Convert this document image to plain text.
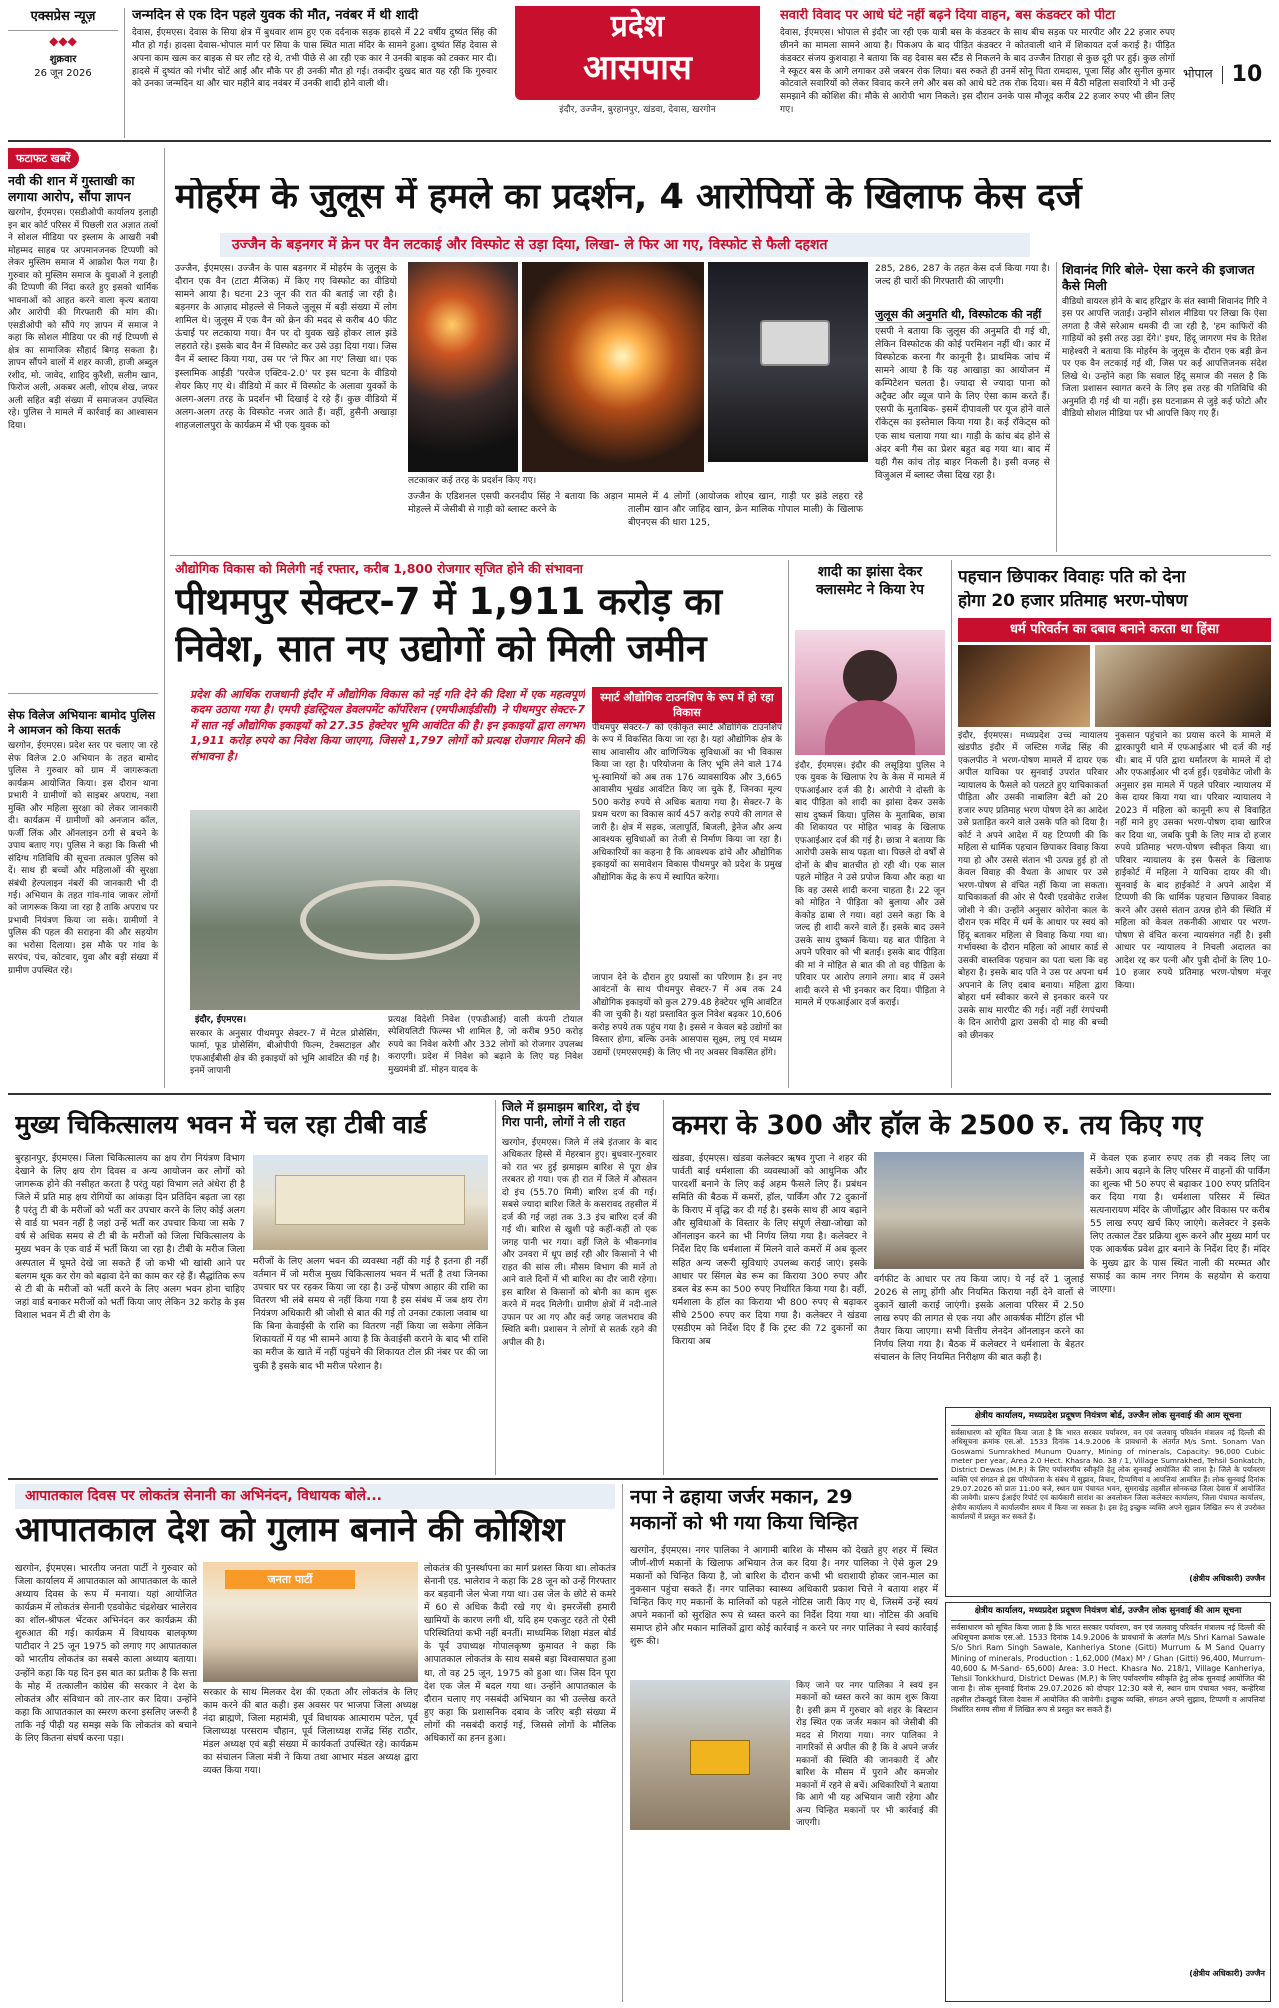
एक्सप्रेस न्यूज़
◆◆◆
शुक्रवार
26 जून 2026
जन्मदिन से एक दिन पहले युवक की मौत, नवंबर में थी शादी
देवास, ईएमएस। देवास के सिया क्षेत्र में बुधवार शाम हुए एक दर्दनाक सड़क हादसे में 22 वर्षीय दुष्यंत सिंह की मौत हो गई। हादसा देवास-भोपाल मार्ग पर सिया के पास स्थित माता मंदिर के सामने हुआ। दुष्यंत सिंह देवास से अपना काम खत्म कर बाइक से घर लौट रहे थे, तभी पीछे से आ रही एक कार ने उनकी बाइक को टक्कर मार दी। हादसे में दुष्यंत को गंभीर चोटें आईं और मौके पर ही उनकी मौत हो गई। तकदीर दुखद बात यह रही कि गुरुवार को उनका जन्मदिन था और चार महीने बाद नवंबर में उनकी शादी होने वाली थी।
प्रदेश
आसपास
इंदौर, उज्जैन, बुरहानपुर, खंडवा, देवास, खरगोन
सवारी विवाद पर आधे घंटे नहीं बढ़ने दिया वाहन, बस कंडक्टर को पीटा
देवास, ईएमएस। भोपाल से इंदौर जा रही एक यात्री बस के कंडक्टर के साथ बीच सड़क पर मारपीट और 22 हजार रुपए छीनने का मामला सामने आया है। पिकअप के बाद पीड़ित कंडक्टर ने कोतवाली थाने में शिकायत दर्ज कराई है। पीड़ित कंडक्टर संजय कुशवाहा ने बताया कि वह देवास बस स्टैंड से निकलने के बाद उज्जैन तिराहा से कुछ दूरी पर हुई। कुछ लोगों ने स्कूटर बस के आगे लगाकर उसे जबरन रोक लिया। बस रुकते ही उनमें सोनू पिता रामदास, पूजा सिंह और सुनील कुमार कोटवाले सवारियों को लेकर विवाद करने लगे और बस को आधे घंटे तक रोक दिया। बस में बैठी महिला सवारियों ने भी उन्हें समझाने की कोशिश की। मौके से आरोपी भाग निकले। इस दौरान उनके पास मौजूद करीब 22 हजार रुपए भी छीन लिए गए।
भोपाल 10
फटाफट खबरें
नवी की शान में गुस्ताखी का लगाया आरोप, सौंपा ज्ञापन
खरगोन, ईएमएस। एसडीओपी कार्यालय इलाही इन बार कोर्ट परिसर में पिछली रात अज्ञात तत्वों ने सोशल मीडिया पर इस्लाम के आखरी नबी मोहम्मद साहब पर अपमानजनक टिप्पणी को लेकर मुस्लिम समाज में आक्रोश फैल गया है। गुरुवार को मुस्लिम समाज के युवाओं ने इलाही की टिप्पणी की निंदा करते हुए इसको धार्मिक भावनाओं को आहत करने वाला कृत्य बताया और आरोपी की गिरफ्तारी की मांग की। एसडीओपी को सौंपे गए ज्ञापन में समाज ने कहा कि सोशल मीडिया पर की गई टिप्पणी से क्षेत्र का सामाजिक सौहार्द बिगड़ सकता है। ज्ञापन सौंपने वालों में शहर काजी, हाजी अब्दुल रशीद, मो. जावेद, शाहिद कुरैशी, सलीम खान, फिरोज अली, अकबर अली, शोएब शेख, जफर अली सहित बड़ी संख्या में समाजजन उपस्थित रहे। पुलिस ने मामले में कार्रवाई का आश्वासन दिया।
सेफ विलेज अभियानः बामोद पुलिस ने आमजन को किया सतर्क
खरगोन, ईएमएस। प्रदेश स्तर पर चलाए जा रहे सेफ विलेज 2.0 अभियान के तहत बामोद पुलिस ने गुरुवार को ग्राम में जागरूकता कार्यक्रम आयोजित किया। इस दौरान थाना प्रभारी ने ग्रामीणों को साइबर अपराध, नशा मुक्ति और महिला सुरक्षा को लेकर जानकारी दी। कार्यक्रम में ग्रामीणों को अनजान कॉल, फर्जी लिंक और ऑनलाइन ठगी से बचने के उपाय बताए गए। पुलिस ने कहा कि किसी भी संदिग्ध गतिविधि की सूचना तत्काल पुलिस को दें। साथ ही बच्चों और महिलाओं की सुरक्षा संबंधी हेल्पलाइन नंबरों की जानकारी भी दी गई। अभियान के तहत गांव-गांव जाकर लोगों को जागरूक किया जा रहा है ताकि अपराध पर प्रभावी नियंत्रण किया जा सके। ग्रामीणों ने पुलिस की पहल की सराहना की और सहयोग का भरोसा दिलाया। इस मौके पर गांव के सरपंच, पंच, कोटवार, युवा और बड़ी संख्या में ग्रामीण उपस्थित रहे।
मोहर्रम के जुलूस में हमले का प्रदर्शन, 4 आरोपियों के खिलाफ केस दर्ज
उज्जैन के बड़नगर में क्रेन पर वैन लटकाई और विस्फोट से उड़ा दिया, लिखा- ले फिर आ गए, विस्फोट से फैली दहशत
उज्जैन, ईएमएस। उज्जैन के पास बड़नगर में मोहर्रम के जुलूस के दौरान एक वैन (टाटा मैजिक) में किए गए विस्फोट का वीडियो सामने आया है। घटना 23 जून की रात की बताई जा रही है। बड़नगर के आज़ाद मोहल्ले से निकले जुलूस में बड़ी संख्या में लोग शामिल थे। जुलूस में एक वैन को क्रेन की मदद से करीब 40 फीट ऊंचाई पर लटकाया गया। वैन पर दो युवक खड़े होकर लाल झंडे लहराते रहे। इसके बाद वैन में विस्फोट कर उसे उड़ा दिया गया। जिस वैन में ब्लास्ट किया गया, उस पर 'ले फिर आ गए' लिखा था। एक इस्लामिक आईडी 'परवेज एक्टिव-2.0' पर इस घटना के वीडियो शेयर किए गए थे। वीडियो में कार में विस्फोट के अलावा युवकों के अलग-अलग तरह के प्रदर्शन भी दिखाई दे रहे हैं। कुछ वीडियो में अलग-अलग तरह के विस्फोट नजर आते हैं। वहीं, हुसैनी अखाड़ा शाहजलालपुरा के कार्यक्रम में भी एक युवक को
लटकाकर कई तरह के प्रदर्शन किए गए।
उज्जैन के एडिशनल एसपी करनदीप सिंह ने बताया कि अड़ान मोहल्ले में जेसीबी से गाड़ी को ब्लास्ट करने के
मामले में 4 लोगों (आयोजक शोएब खान, गाड़ी पर झंडे लहरा रहे तालीम खान और जाहिद खान, क्रेन मालिक गोपाल माली) के खिलाफ बीएनएस की धारा 125,
285, 286, 287 के तहत केस दर्ज किया गया है। जल्द ही चारों की गिरफ्तारी की जाएगी।
जुलूस की अनुमति थी, विस्फोटक की नहीं
एसपी ने बताया कि जुलूस की अनुमति दी गई थी, लेकिन विस्फोटक की कोई परमिशन नहीं थी। कार में विस्फोटक करना गैर कानूनी है। प्राथमिक जांच में सामने आया है कि यह आखाड़ा का आयोजन में कम्पिटेशन चलता है। ज्यादा से ज्यादा पाना को अट्रैक्ट और व्यूज पाने के लिए ऐसा काम करते हैं। एसपी के मुताबिक- इसमें दीपावली पर यूज होने वाले रॉकेट्स का इस्तेमाल किया गया है। कई रॉकेट्स को एक साथ चलाया गया था। गाड़ी के कांच बंद होने से अंदर बनी गैस का प्रेशर बहुत बढ़ गया था। बाद में यही गैस कांच तोड़ बाहर निकली है। इसी वजह से विजुअल में ब्लास्ट जैसा दिख रहा है।
शिवानंद गिरि बोले- ऐसा करने की इजाजत कैसे मिली
वीडियो वायरल होने के बाद हरिद्वार के संत स्वामी शिवानंद गिरि ने इस पर आपत्ति जताई। उन्होंने सोशल मीडिया पर लिखा कि ऐसा लगता है जैसे सरेआम धमकी दी जा रही है, 'हम काफिरों की गाड़ियों को इसी तरह उड़ा देंगे।' इधर, हिंदू जागरण मंच के रितेश माहेश्वरी ने बताया कि मोहर्रम के जुलूस के दौरान एक बड़ी क्रेन पर एक वैन लटकाई गई थी, जिस पर कई आपत्तिजनक संदेश लिखे थे। उन्होंने कहा कि सवाल हिंदू समाज की नसल है कि जिला प्रशासन स्वागत करने के लिए इस तरह की गतिविधि की अनुमति दी गई थी या नहीं। इस घटनाक्रम से जुड़े कई फोटो और वीडियो सोशल मीडिया पर भी आपत्ति किए गए हैं।
औद्योगिक विकास को मिलेगी नई रफ्तार, करीब 1,800 रोजगार सृजित होने की संभावना
पीथमपुर सेक्टर-7 में 1,911 करोड़ का
निवेश, सात नए उद्योगों को मिली जमीन
प्रदेश की आर्थिक राजधानी इंदौर में औद्योगिक विकास को नई गति देने की दिशा में एक महत्वपूर्ण कदम उठाया गया है। एमपी इंडस्ट्रियल डेवलपमेंट कॉर्पोरेशन (एमपीआईडीसी) ने पीथमपुर सेक्टर-7 में सात नई औद्योगिक इकाइयों को 27.35 हेक्टेयर भूमि आवंटित की है। इन इकाइयों द्वारा लगभग 1,911 करोड़ रुपये का निवेश किया जाएगा, जिससे 1,797 लोगों को प्रत्यक्ष रोजगार मिलने की संभावना है।
स्मार्ट औद्योगिक टाउनशिप के रूप में हो रहा विकास
पीथमपुर सेक्टर-7 को एकीकृत स्मार्ट औद्योगिक टाउनशिप के रूप में विकसित किया जा रहा है। यहां औद्योगिक क्षेत्र के साथ आवासीय और वाणिज्यिक सुविधाओं का भी विकास किया जा रहा है। परियोजना के लिए भूमि लेने वाले 174 भू-स्वामियों को अब तक 176 व्यावसायिक और 3,665 आवासीय भूखंड आवंटित किए जा चुके हैं, जिनका मूल्य 500 करोड़ रुपये से अधिक बताया गया है। सेक्टर-7 के प्रथम चरण का विकास कार्य 457 करोड़ रुपये की लागत से जारी है। क्षेत्र में सड़क, जलापूर्ति, बिजली, ड्रेनेज और अन्य आवश्यक सुविधाओं का तेजी से निर्माण किया जा रहा है। अधिकारियों का कहना है कि आवश्यक ढांचे और औद्योगिक इकाइयों का समावेशन विकास पीथमपुर को प्रदेश के प्रमुख औद्योगिक केंद्र के रूप में स्थापित करेगा।
जापान देने के दौरान हुए प्रयासों का परिणाम है। इन नए आवंटनों के साथ पीथमपुर सेक्टर-7 में अब तक 24 औद्योगिक इकाइयों को कुल 279.48 हेक्टेयर भूमि आवंटित की जा चुकी है। यहां प्रस्तावित कुल निवेश बढ़कर 10,606 करोड़ रुपये तक पहुंच गया है। इससे न केवल बड़े उद्योगों का विस्तार होगा, बल्कि उनके आसपास सूक्ष्म, लघु एवं मध्यम उद्यमों (एमएसएमई) के लिए भी नए अवसर विकसित होंगे।
इंदौर, ईएमएस।
सरकार के अनुसार पीथमपुर सेक्टर-7 में मेटल प्रोसेसिंग, फार्मा, फूड प्रोसेसिंग, बीओपीपी फिल्म, टेक्सटाइल और एफआईबीसी क्षेत्र की इकाइयों को भूमि आवंटित की गई है। इनमें जापानी
प्रत्यक्ष विदेशी निवेश (एफडीआई) वाली कंपनी टोयाल स्पेशियलिटी फिल्म्स भी शामिल है, जो करीब 950 करोड़ रुपये का निवेश करेगी और 332 लोगों को रोजगार उपलब्ध कराएगी। प्रदेश में निवेश को बढ़ाने के लिए यह निवेश मुख्यमंत्री डॉ. मोहन यादव के
शादी का झांसा देकर क्लासमेट ने किया रेप
इंदौर, ईएमएस। इंदौर की लसूड़िया पुलिस ने एक युवक के खिलाफ रेप के केस में मामले में एफआईआर दर्ज की है। आरोपी ने दोस्ती के बाद पीड़िता को शादी का झांसा देकर उसके साथ दुष्कर्म किया। पुलिस के मुताबिक, छात्रा की शिकायत पर मोहित भावड़ के खिलाफ एफआईआर दर्ज की गई है। छात्रा ने बताया कि आरोपी उसके साथ पढ़ता था। पिछले दो वर्षों से दोनों के बीच बातचीत हो रही थी। एक साल पहले मोहित ने उसे प्रपोज किया और कहा था कि वह उससे शादी करना चाहता है। 22 जून को मोहित ने पीड़िता को बुलाया और उसे केकोड़ ढाबा ले गया। वहां उसने कहा कि वे जल्द ही शादी करने वाले हैं। इसके बाद उसने उसके साथ दुष्कर्म किया। यह बात पीड़िता ने अपने परिवार को भी बताई। इसके बाद पीड़िता की मां ने मोहित से बात की तो वह पीड़िता के परिवार पर आरोप लगाने लगा। बाद में उसने शादी करने से भी इनकार कर दिया। पीड़िता ने मामले में एफआईआर दर्ज कराई।
पहचान छिपाकर विवाहः पति को देना
होगा 20 हजार प्रतिमाह भरण-पोषण
धर्म परिवर्तन का दबाव बनाने करता था हिंसा
इंदौर, ईएमएस। मध्यप्रदेश उच्च न्यायालय खंडपीठ इंदौर में जस्टिस गजेंद्र सिंह की एकलपीठ ने भरण-पोषण मामले में दायर एक अपील याचिका पर सुनवाई उपरांत परिवार न्यायालय के फैसले को पलटते हुए याचिकाकर्ता पीड़िता और उसकी नाबालिग बेटी को 20 हजार रुपए प्रतिमाह भरण पोषण देने का आदेश उसे प्रताड़ित करने वाले उसके पति को दिया है। कोर्ट ने अपने आदेश में यह टिप्पणी की कि महिला से धार्मिक पहचान छिपाकर विवाह किया गया हो और उससे संतान भी उत्पन्न हुई हो तो केवल विवाह की वैधता के आधार पर उसे भरण-पोषण से वंचित नहीं किया जा सकता। याचिकाकर्ता की ओर से पैरवी एडवोकेट राजेश जोशी ने की। उन्होंने अनुसार कोरोना काल के दौरान एक मंदिर में धर्म के आधार पर स्वयं को हिंदू बताकर महिला से विवाह किया गया था। गर्भावस्था के दौरान महिला को आधार कार्ड से उसकी वास्तविक पहचान का पता चला कि वह बोहरा है। इसके बाद पति ने उस पर अपना धर्म अपनाने के लिए दबाव बनाया। महिला द्वारा बोहरा धर्म स्वीकार करने से इनकार करने पर उसके साथ मारपीट की गई। नहीं नहीं रंगपंचमी के दिन आरोपी द्वारा उसकी दो माह की बच्ची को छीनकर
नुकसान पहुंचाने का प्रयास करने के मामले में द्वारकापुरी थाने में एफआईआर भी दर्ज की गई थी। बाद में पति द्वारा धर्मांतरण के मामले में दो और एफआईआर भी दर्ज हुईं। एडवोकेट जोशी के अनुसार इस मामले में पहले परिवार न्यायालय में केस दायर किया गया था। परिवार न्यायालय ने 2023 में महिला को कानूनी रूप से विवाहित नहीं माने हुए उसका भरण-पोषण दावा खारिज कर दिया था, जबकि पुत्री के लिए मात्र दो हजार रुपये प्रतिमाह भरण-पोषण स्वीकृत किया था। परिवार न्यायालय के इस फैसले के खिलाफ हाईकोर्ट में महिला ने याचिका दायर की थी। सुनवाई के बाद हाईकोर्ट ने अपने आदेश में टिप्पणी की कि धार्मिक पहचान छिपाकर विवाह करने और उससे संतान उत्पन्न होने की स्थिति में महिला को केवल तकनीकी आधार पर भरण-पोषण से वंचित करना न्यायसंगत नहीं है। इसी आधार पर न्यायालय ने निचली अदालत का आदेश रद्द कर पत्नी और पुत्री दोनों के लिए 10-10 हजार रुपये प्रतिमाह भरण-पोषण मंजूर किया।
मुख्य चिकित्सालय भवन में चल रहा टीबी वार्ड
बुरहानपुर, ईएमएस। जिला चिकित्सालय का क्षय रोग नियंत्रण विभाग देखाने के लिए क्षय रोग दिवस व अन्य आयोजन कर लोगों को जागरूक होने की नसीहत करता है परंतु यहां विभाग लते अंधेरा ही है जिले में प्रति माह क्षय रोगियों का आंकड़ा दिन प्रतिदिन बढ़ता जा रहा है परंतु टी बी के मरीजों को भर्ती कर उपचार करने के लिए कोई अलग से वार्ड या भवन नहीं है जहां उन्हें भर्ती कर उपचार किया जा सके 7 वर्ष से अधिक समय से टी बी के मरीजों को जिला चिकित्सालय के मुख्य भवन के एक वार्ड में भर्ती किया जा रहा है। टीबी के मरीज जिला अस्पताल में घूमते देखे जा सकते हैं जो कभी भी खांसी आने पर बलगम थूक कर रोग को बढ़ावा देने का काम कर रहे हैं। सैद्धांतिक रूप से टी बी के मरीजों को भर्ती करने के लिए अलग भवन होना चाहिए जहां वार्ड बनाकर मरीजों को भर्ती किया जाए लेकिन 32 करोड़ के इस विशाल भवन में टी बी रोग के
मरीजों के लिए अलग भवन की व्यवस्था नहीं की गई है इतना ही नहीं वर्तमान में जो मरीज मुख्य चिकित्सालय भवन में भर्ती है तथा जिनका उपचार घर पर रहकर किया जा रहा है। उन्हें पोषण आहार की राशि का वितरण भी लंबे समय से नहीं किया गया है इस संबंध में जब क्षय रोग नियंत्रण अधिकारी श्री जोशी से बात की गई तो उनका टकाला जवाब था कि बिना केवाईसी के राशि का वितरण नहीं किया जा सकेगा लेकिन शिकायतों में यह भी सामने आया है कि केवाईसी कराने के बाद भी राशि का मरीज के खाते में नहीं पहुंचने की शिकायत टोल फ्री नंबर पर की जा चुकी है इसके बाद भी मरीज परेशान है।
जिले में झमाझम बारिश, दो इंच गिरा पानी, लोगों ने ली राहत
खरगोन, ईएमएस। जिले में लंबे इंतजार के बाद अधिकतर हिस्से में मेहरबान हुए। बुधवार-गुरुवार को रात भर हुई झमाझम बारिश से पूरा क्षेत्र तरबतर हो गया। एक ही रात में जिले में औसतन दो इंच (55.70 मिमी) बारिश दर्ज की गई। सबसे ज्यादा बारिश जिले के कसरावद तहसील में दर्ज की गई जहां तक 3.3 इंच बारिश दर्ज की गई थी। बारिश से खुशी पड़े कहीं-कहीं तो एक जगह पानी भर गया। वहीं जिले के भीकनगांव और उनवरा में धूप छाई रही और किसानों ने भी राहत की सांस ली। मौसम विभाग की मानें तो आने वाले दिनों में भी बारिश का दौर जारी रहेगा। इस बारिश से किसानों को बोनी का काम शुरू करने में मदद मिलेगी। ग्रामीण क्षेत्रों में नदी-नाले उफान पर आ गए और कई जगह जलभराव की स्थिति बनी। प्रशासन ने लोगों से सतर्क रहने की अपील की है।
कमरा के 300 और हॉल के 2500 रु. तय किए गए
खंडवा, ईएमएस। खंडवा कलेक्टर ऋषव गुप्ता ने शहर की पार्वती बाई धर्मशाला की व्यवस्थाओं को आधुनिक और पारदर्शी बनाने के लिए कई अहम फैसले लिए हैं। प्रबंधन समिति की बैठक में कमरों, हॉल, पार्किंग और 72 दुकानों के किराए में वृद्धि कर दी गई है। इसके साथ ही आय बढ़ाने और सुविधाओं के विस्तार के लिए संपूर्ण लेखा-जोखा को ऑनलाइन करने का भी निर्णय लिया गया है। कलेक्टर ने निर्देश दिए कि धर्मशाला में मिलने वाले कमरों में अब कूलर सहित अन्य जरूरी सुविधाएं उपलब्ध कराई जाएं। इसके आधार पर सिंगल बेड रूम का किराया 300 रुपए और डबल बेड रूम का 500 रुपए निर्धारित किया गया है। वहीं, धर्मशाला के हॉल का किराया भी 800 रुपए से बढ़ाकर सीधे 2500 रुपए कर दिया गया है। कलेक्टर ने खंडवा एसडीएम को निर्देश दिए हैं कि ट्रस्ट की 72 दुकानों का किराया अब
वर्गफीट के आधार पर तय किया जाए। ये नई दरें 1 जुलाई 2026 से लागू होंगी और नियमित किराया नहीं देने वालों से दुकानें खाली कराई जाएंगी। इसके अलावा परिसर में 2.50 लाख रुपए की लागत से एक नया और आकर्षक मीटिंग हॉल भी तैयार किया जाएगा। सभी वित्तीय लेनदेन ऑनलाइन करने का निर्णय लिया गया है। बैठक में कलेक्टर ने धर्मशाला के बेहतर संचालन के लिए नियमित निरीक्षण की बात कही है।
में केवल एक हजार रुपए तक ही नकद लिए जा सकेंगे। आय बढ़ाने के लिए परिसर में वाहनों की पार्किंग का शुल्क भी 50 रुपए से बढ़ाकर 100 रुपए प्रतिदिन कर दिया गया है। धर्मशाला परिसर में स्थित सत्यनारायण मंदिर के जीर्णोद्धार और विकास पर करीब 55 लाख रुपए खर्च किए जाएंगे। कलेक्टर ने इसके लिए तत्काल टेंडर प्रक्रिया शुरू करने और मुख्य मार्ग पर एक आकर्षक प्रवेश द्वार बनाने के निर्देश दिए हैं। मंदिर के मुख्य द्वार के पास स्थित नाली की मरम्मत और सफाई का काम नगर निगम के सहयोग से कराया जाएगा।
क्षेत्रीय कार्यालय, मध्यप्रदेश प्रदूषण नियंत्रण बोर्ड, उज्जैन लोक सुनवाई की आम सूचना
सर्वसाधारण को सूचित किया जाता है कि भारत सरकार पर्यावरण, वन एवं जलवायु परिवर्तन मंत्रालय नई दिल्ली की अधिसूचना क्रमांक एस.ओ. 1533 दिनांक 14.9.2006 के प्रावधानों के अंतर्गत M/s Smt. Sonam Van Goswami Sumrakhed Munum Quarry, Mining of minerals, Capacity: 96,000 Cubic meter per year, Area 2.0 Hect. Khasra No. 38 / 1, Village Sumrakhed, Tehsil Sonkatch, District Dewas (M.P.) के लिए पर्यावरणीय स्वीकृति हेतु लोक सुनवाई आयोजित की जाना है। जिले के पर्यावरण व्यक्ति एवं संगठन से इस परियोजना के संबंध में सुझाव, विचार, टिप्पणियां व आपत्तियां आमंत्रित हैं। लोक सुनवाई दिनांक 29.07.2026 को प्रातः 11:00 बजे, स्थान ग्राम पंचायत भवन, सुमराखेड़ तहसील सोनकच्छ जिला देवास में आयोजित की जावेगी। प्रारूप ईआईए रिपोर्ट एवं कार्यकारी सारांश का अवलोकन जिला कलेक्टर कार्यालय, जिला पंचायत कार्यालय, क्षेत्रीय कार्यालय में कार्यालयीन समय में किया जा सकता है। इस हेतु इच्छुक व्यक्ति अपने सुझाव लिखित रूप से उपरोक्त कार्यालयों में प्रस्तुत कर सकते हैं।
(क्षेत्रीय अधिकारी) उज्जैन
क्षेत्रीय कार्यालय, मध्यप्रदेश प्रदूषण नियंत्रण बोर्ड, उज्जैन लोक सुनवाई की आम सूचना
सर्वसाधारण को सूचित किया जाता है कि भारत सरकार पर्यावरण, वन एवं जलवायु परिवर्तन मंत्रालय नई दिल्ली की अधिसूचना क्रमांक एस.ओ. 1533 दिनांक 14.9.2006 के प्रावधानों के अंतर्गत M/s Shri Kamal Sawale S/o Shri Ram Singh Sawale, Kanheriya Stone (Gitti) Murrum & M Sand Quarry Mining of minerals, Production : 1,62,000 (Max) M³ / Ghan (Gitti) 96,400, Murrum-40,600 & M-Sand- 65,600) Area: 3.0 Hect. Khasra No. 218/1, Village Kanheriya, Tehsil Tonkkhurd, District Dewas (M.P.) के लिए पर्यावरणीय स्वीकृति हेतु लोक सुनवाई आयोजित की जाना है। लोक सुनवाई दिनांक 29.07.2026 को दोपहर 12:30 बजे से, स्थान ग्राम पंचायत भवन, कन्हेरिया तहसील टोंकखुर्द जिला देवास में आयोजित की जावेगी। इच्छुक व्यक्ति, संगठन अपने सुझाव, टिप्पणी व आपत्तियां निर्धारित समय सीमा में लिखित रूप से प्रस्तुत कर सकते हैं।
(क्षेत्रीय अधिकारी) उज्जैन
आपातकाल दिवस पर लोकतंत्र सेनानी का अभिनंदन, विधायक बोले...
आपातकाल देश को गुलाम बनाने की कोशिश
खरगोन, ईएमएस। भारतीय जनता पार्टी ने गुरुवार को जिला कार्यालय में आपातकाल को आपातकाल के काले अध्याय दिवस के रूप में मनाया। यहां आयोजित कार्यक्रम में लोकतंत्र सेनानी एडवोकेट चंद्रशेखर भालेराव का शॉल-श्रीफल भेंटकर अभिनंदन कर कार्यक्रम की शुरुआत की गई। कार्यक्रम में विधायक बालकृष्ण पाटीदार ने 25 जून 1975 को लगाए गए आपातकाल को भारतीय लोकतंत्र का सबसे काला अध्याय बताया। उन्होंने कहा कि यह दिन इस बात का प्रतीक है कि सत्ता के मोह में तत्कालीन कांग्रेस की सरकार ने देश के लोकतंत्र और संविधान को तार-तार कर दिया। उन्होंने कहा कि आपातकाल का स्मरण करना इसलिए जरूरी है ताकि नई पीढ़ी यह समझ सके कि लोकतंत्र को बचाने के लिए कितना संघर्ष करना पड़ा।
जनता पार्टी
सरकार के साथ मिलकर देश की एकता और लोकतंत्र के लिए काम करने की बात कही। इस अवसर पर भाजपा जिला अध्यक्ष नंदा ब्राह्मणे, जिला महामंत्री, पूर्व विधायक आत्माराम पटेल, पूर्व जिलाध्यक्ष परसराम चौहान, पूर्व जिलाध्यक्ष राजेंद्र सिंह राठौर, मंडल अध्यक्ष एवं बड़ी संख्या में कार्यकर्ता उपस्थित रहे। कार्यक्रम का संचालन जिला मंत्री ने किया तथा आभार मंडल अध्यक्ष द्वारा व्यक्त किया गया।
लोकतंत्र की पुनर्स्थापना का मार्ग प्रशस्त किया था। लोकतंत्र सेनानी एड. भालेराव ने कहा कि 28 जून को उन्हें गिरफ्तार कर बड़वानी जेल भेजा गया था। उस जेल के छोटे से कमरे में 60 से अधिक कैदी रखे गए थे। इमरजेंसी हमारी खामियों के कारण लगी थी, यदि हम एकजुट रहते तो ऐसी परिस्थितियां कभी नहीं बनतीं। माध्यमिक शिक्षा मंडल बोर्ड के पूर्व उपाध्यक्ष गोपालकृष्ण कुमावत ने कहा कि आपातकाल लोकतंत्र के साथ सबसे बड़ा विश्वासघात हुआ था, तो वह 25 जून, 1975 को हुआ था। जिस दिन पूरा देश एक जेल में बदल गया था। उन्होंने आपातकाल के दौरान चलाए गए नसबंदी अभियान का भी उल्लेख करते हुए कहा कि प्रशासनिक दबाव के जरिए बड़ी संख्या में लोगों की नसबंदी कराई गई, जिससे लोगों के मौलिक अधिकारों का हनन हुआ।
नपा ने ढहाया जर्जर मकान, 29
मकानों को भी गया किया चिन्हित
खरगोन, ईएमएस। नगर पालिका ने आगामी बारिश के मौसम को देखते हुए शहर में स्थित जीर्ण-शीर्ण मकानों के खिलाफ अभियान तेज कर दिया है। नगर पालिका ने ऐसे कुल 29 मकानों को चिन्हित किया है, जो बारिश के दौरान कभी भी धराशायी होकर जान-माल का नुकसान पहुंचा सकते हैं। नगर पालिका स्वास्थ्य अधिकारी प्रकाश चित्ते ने बताया शहर में चिन्हित किए गए मकानों के मालिकों को पहले नोटिस जारी किए गए थे, जिसमें उन्हें स्वयं अपने मकानों को सुरक्षित रूप से ध्वस्त करने का निर्देश दिया गया था। नोटिस की अवधि समाप्त होने और मकान मालिकों द्वारा कोई कार्रवाई न करने पर नगर पालिका ने स्वयं कार्रवाई शुरू की।
किए जाने पर नगर पालिका ने स्वयं इन मकानों को ध्वस्त करने का काम शुरू किया है। इसी क्रम में गुरुवार को शहर के बिस्टान रोड़ स्थित एक जर्जर मकान को जेसीबी की मदद से गिराया गया। नगर पालिका ने नागरिकों से अपील की है कि वे अपने जर्जर मकानों की स्थिति की जानकारी दें और बारिश के मौसम में पुराने और कमजोर मकानों में रहने से बचें। अधिकारियों ने बताया कि आगे भी यह अभियान जारी रहेगा और अन्य चिन्हित मकानों पर भी कार्रवाई की जाएगी।
